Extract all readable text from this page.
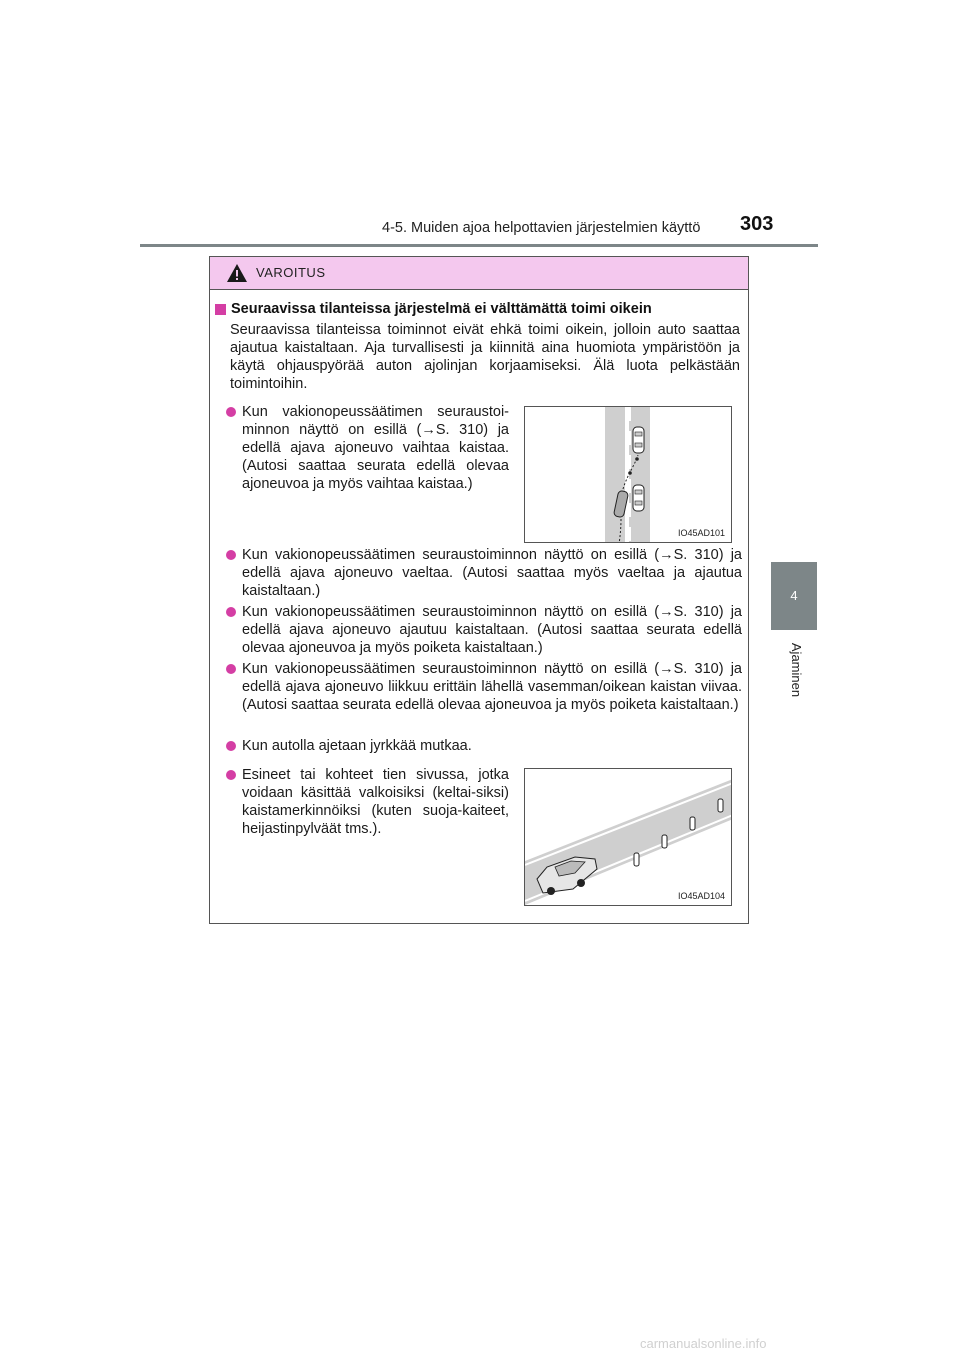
4-5. Muiden ajoa helpottavien järjestelmien käyttö 303
4
Ajaminen
VAROITUS
Seuraavissa tilanteissa järjestelmä ei välttämättä toimi oikein
Seuraavissa tilanteissa toiminnot eivät ehkä toimi oikein, jolloin auto saattaa ajautua kaistaltaan. Aja turvallisesti ja kiinnitä aina huomiota ympäristöön ja käytä ohjauspyörää auton ajolinjan korjaamiseksi. Älä luota pelkästään toimintoihin.
Kun vakionopeussäätimen seuraustoi-minnon näyttö on esillä (→S. 310) ja edellä ajava ajoneuvo vaihtaa kaistaa. (Autosi saattaa seurata edellä olevaa ajoneuvoa ja myös vaihtaa kaistaa.)
IO45AD101
Kun vakionopeussäätimen seuraustoiminnon näyttö on esillä (→S. 310) ja edellä ajava ajoneuvo vaeltaa. (Autosi saattaa myös vaeltaa ja ajautua kaistaltaan.)
Kun vakionopeussäätimen seuraustoiminnon näyttö on esillä (→S. 310) ja edellä ajava ajoneuvo ajautuu kaistaltaan. (Autosi saattaa seurata edellä olevaa ajoneuvoa ja myös poiketa kaistaltaan.)
Kun vakionopeussäätimen seuraustoiminnon näyttö on esillä (→S. 310) ja edellä ajava ajoneuvo liikkuu erittäin lähellä vasemman/oikean kaistan viivaa. (Autosi saattaa seurata edellä olevaa ajoneuvoa ja myös poiketa kaistaltaan.)
Kun autolla ajetaan jyrkkää mutkaa.
Esineet tai kohteet tien sivussa, jotka voidaan käsittää valkoisiksi (keltai-siksi) kaistamerkinnöiksi (kuten suoja-kaiteet, heijastinpylväät tms.).
IO45AD104
carmanualsonline.info
